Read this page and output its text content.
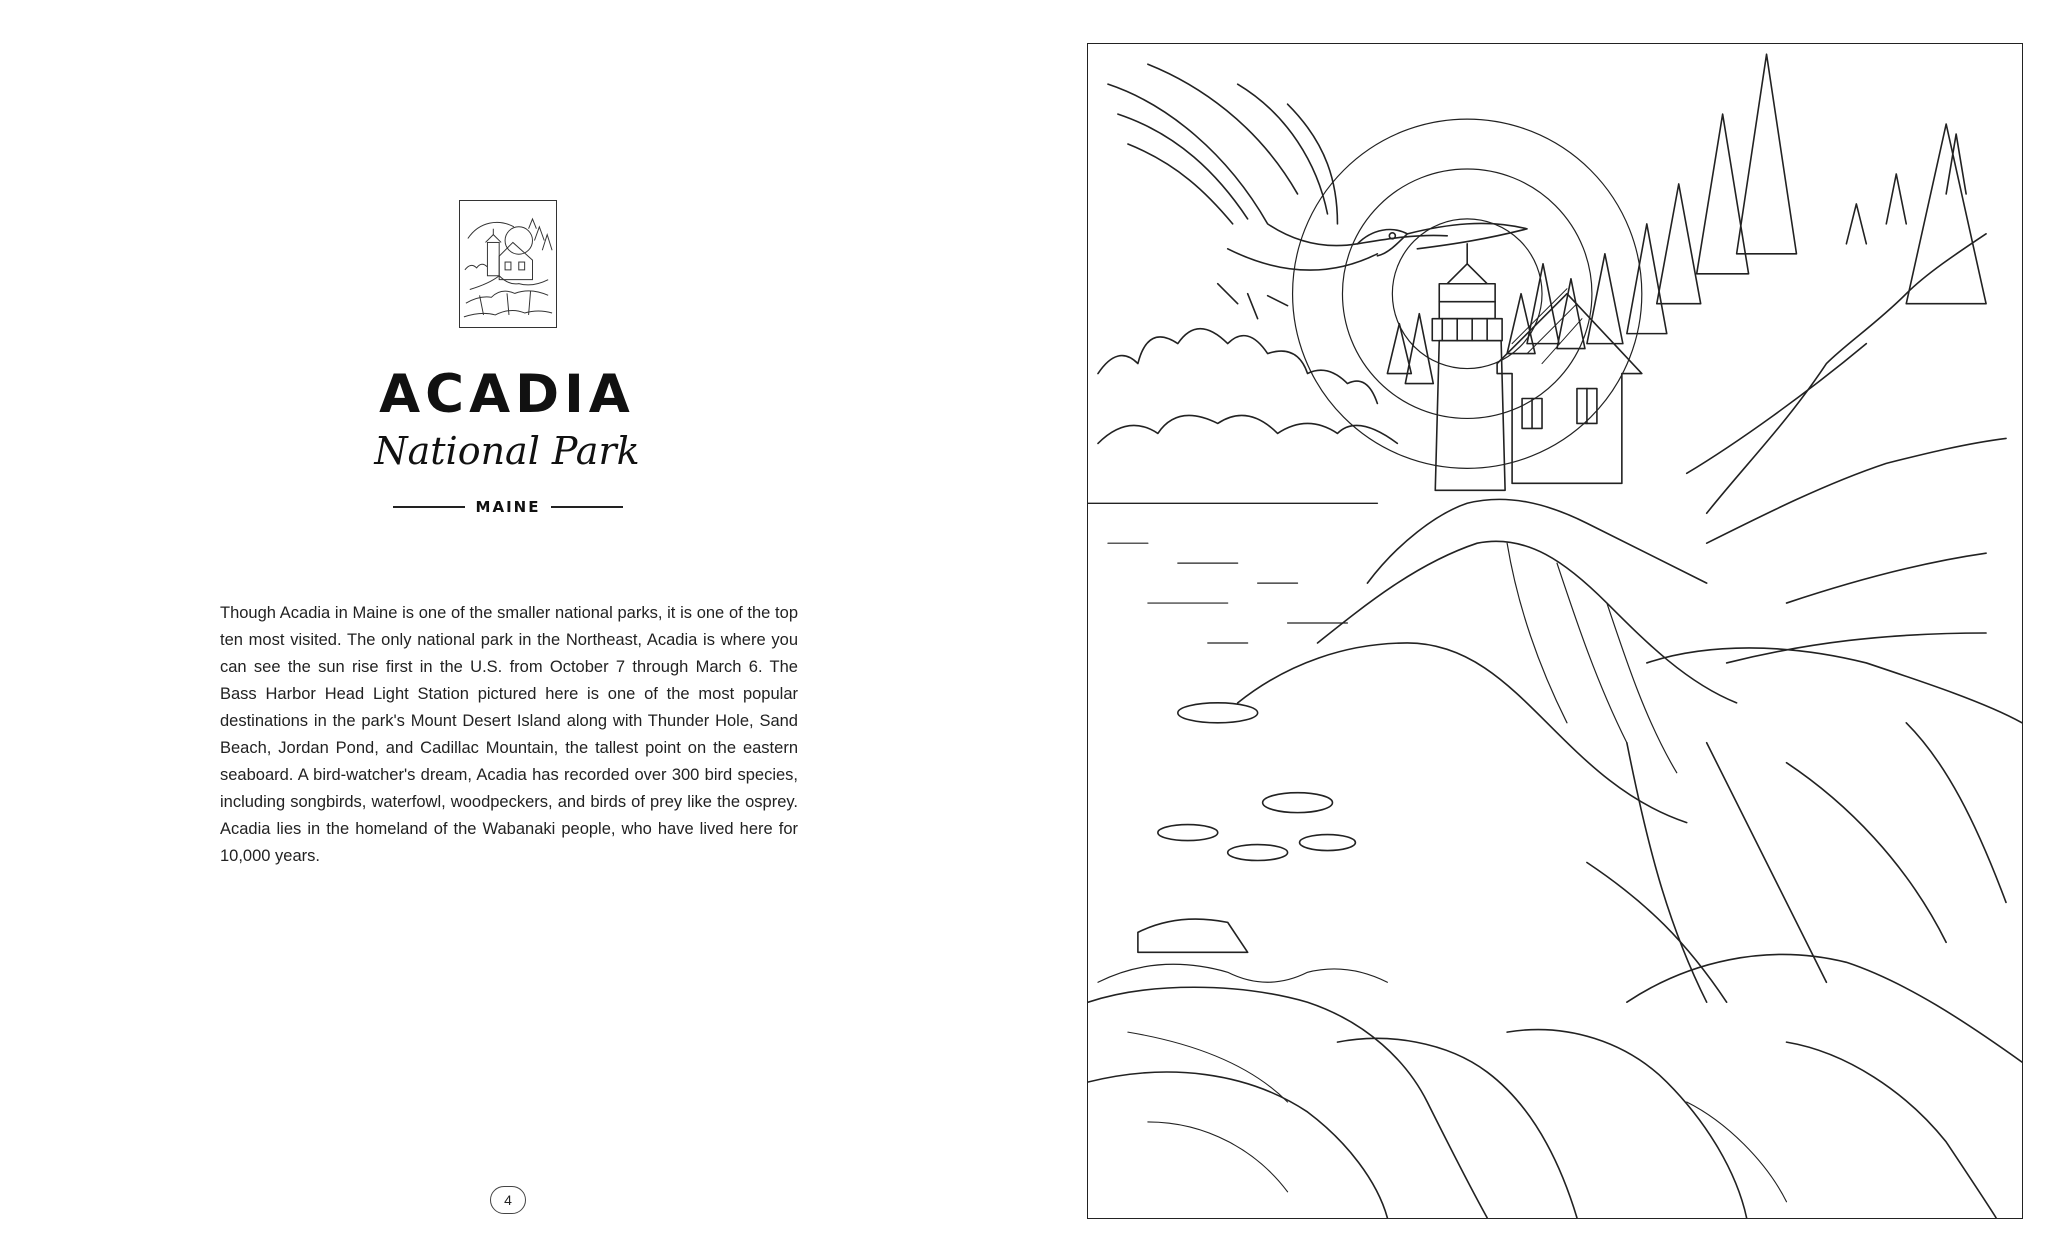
ACADIA
National Park
MAINE

Though Acadia in Maine is one of the smaller national parks, it is one of the top ten most visited. The only national park in the Northeast, Acadia is where you can see the sun rise first in the U.S. from October 7 through March 6. The Bass Harbor Head Light Station pictured here is one of the most popular destinations in the park's Mount Desert Island along with Thunder Hole, Sand Beach, Jordan Pond, and Cadillac Mountain, the tallest point on the eastern seaboard. A bird-watcher's dream, Acadia has recorded over 300 bird species, including songbirds, waterfowl, woodpeckers, and birds of prey like the osprey. Acadia lies in the homeland of the Wabanaki people, who have lived here for 10,000 years.

4
